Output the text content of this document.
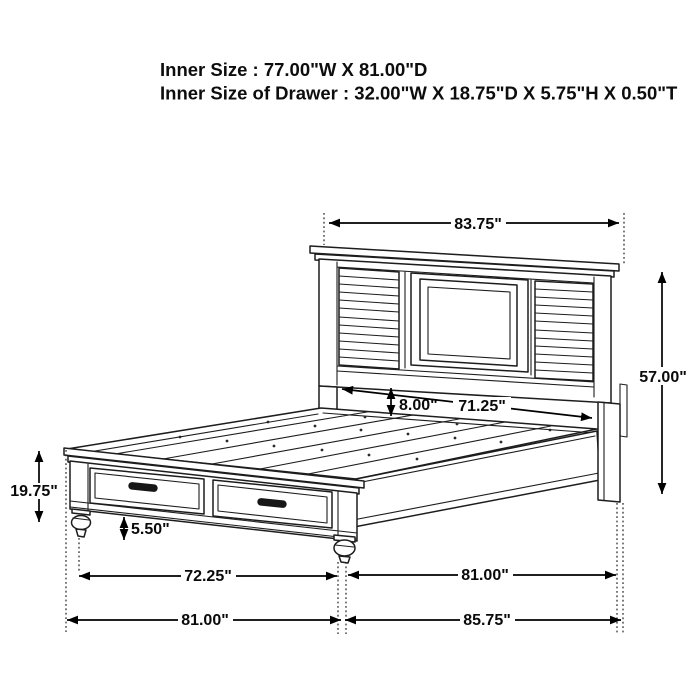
83.75"
57.00"
8.00" 71.25"
19.75"
5.50"
72.25"	81.00"
81.00"	85.75"
Inner Size : 77.00"W X 81.00"D
Inner Size of Drawer : 32.00"W X 18.75"D X 5.75"H X 0.50"T
